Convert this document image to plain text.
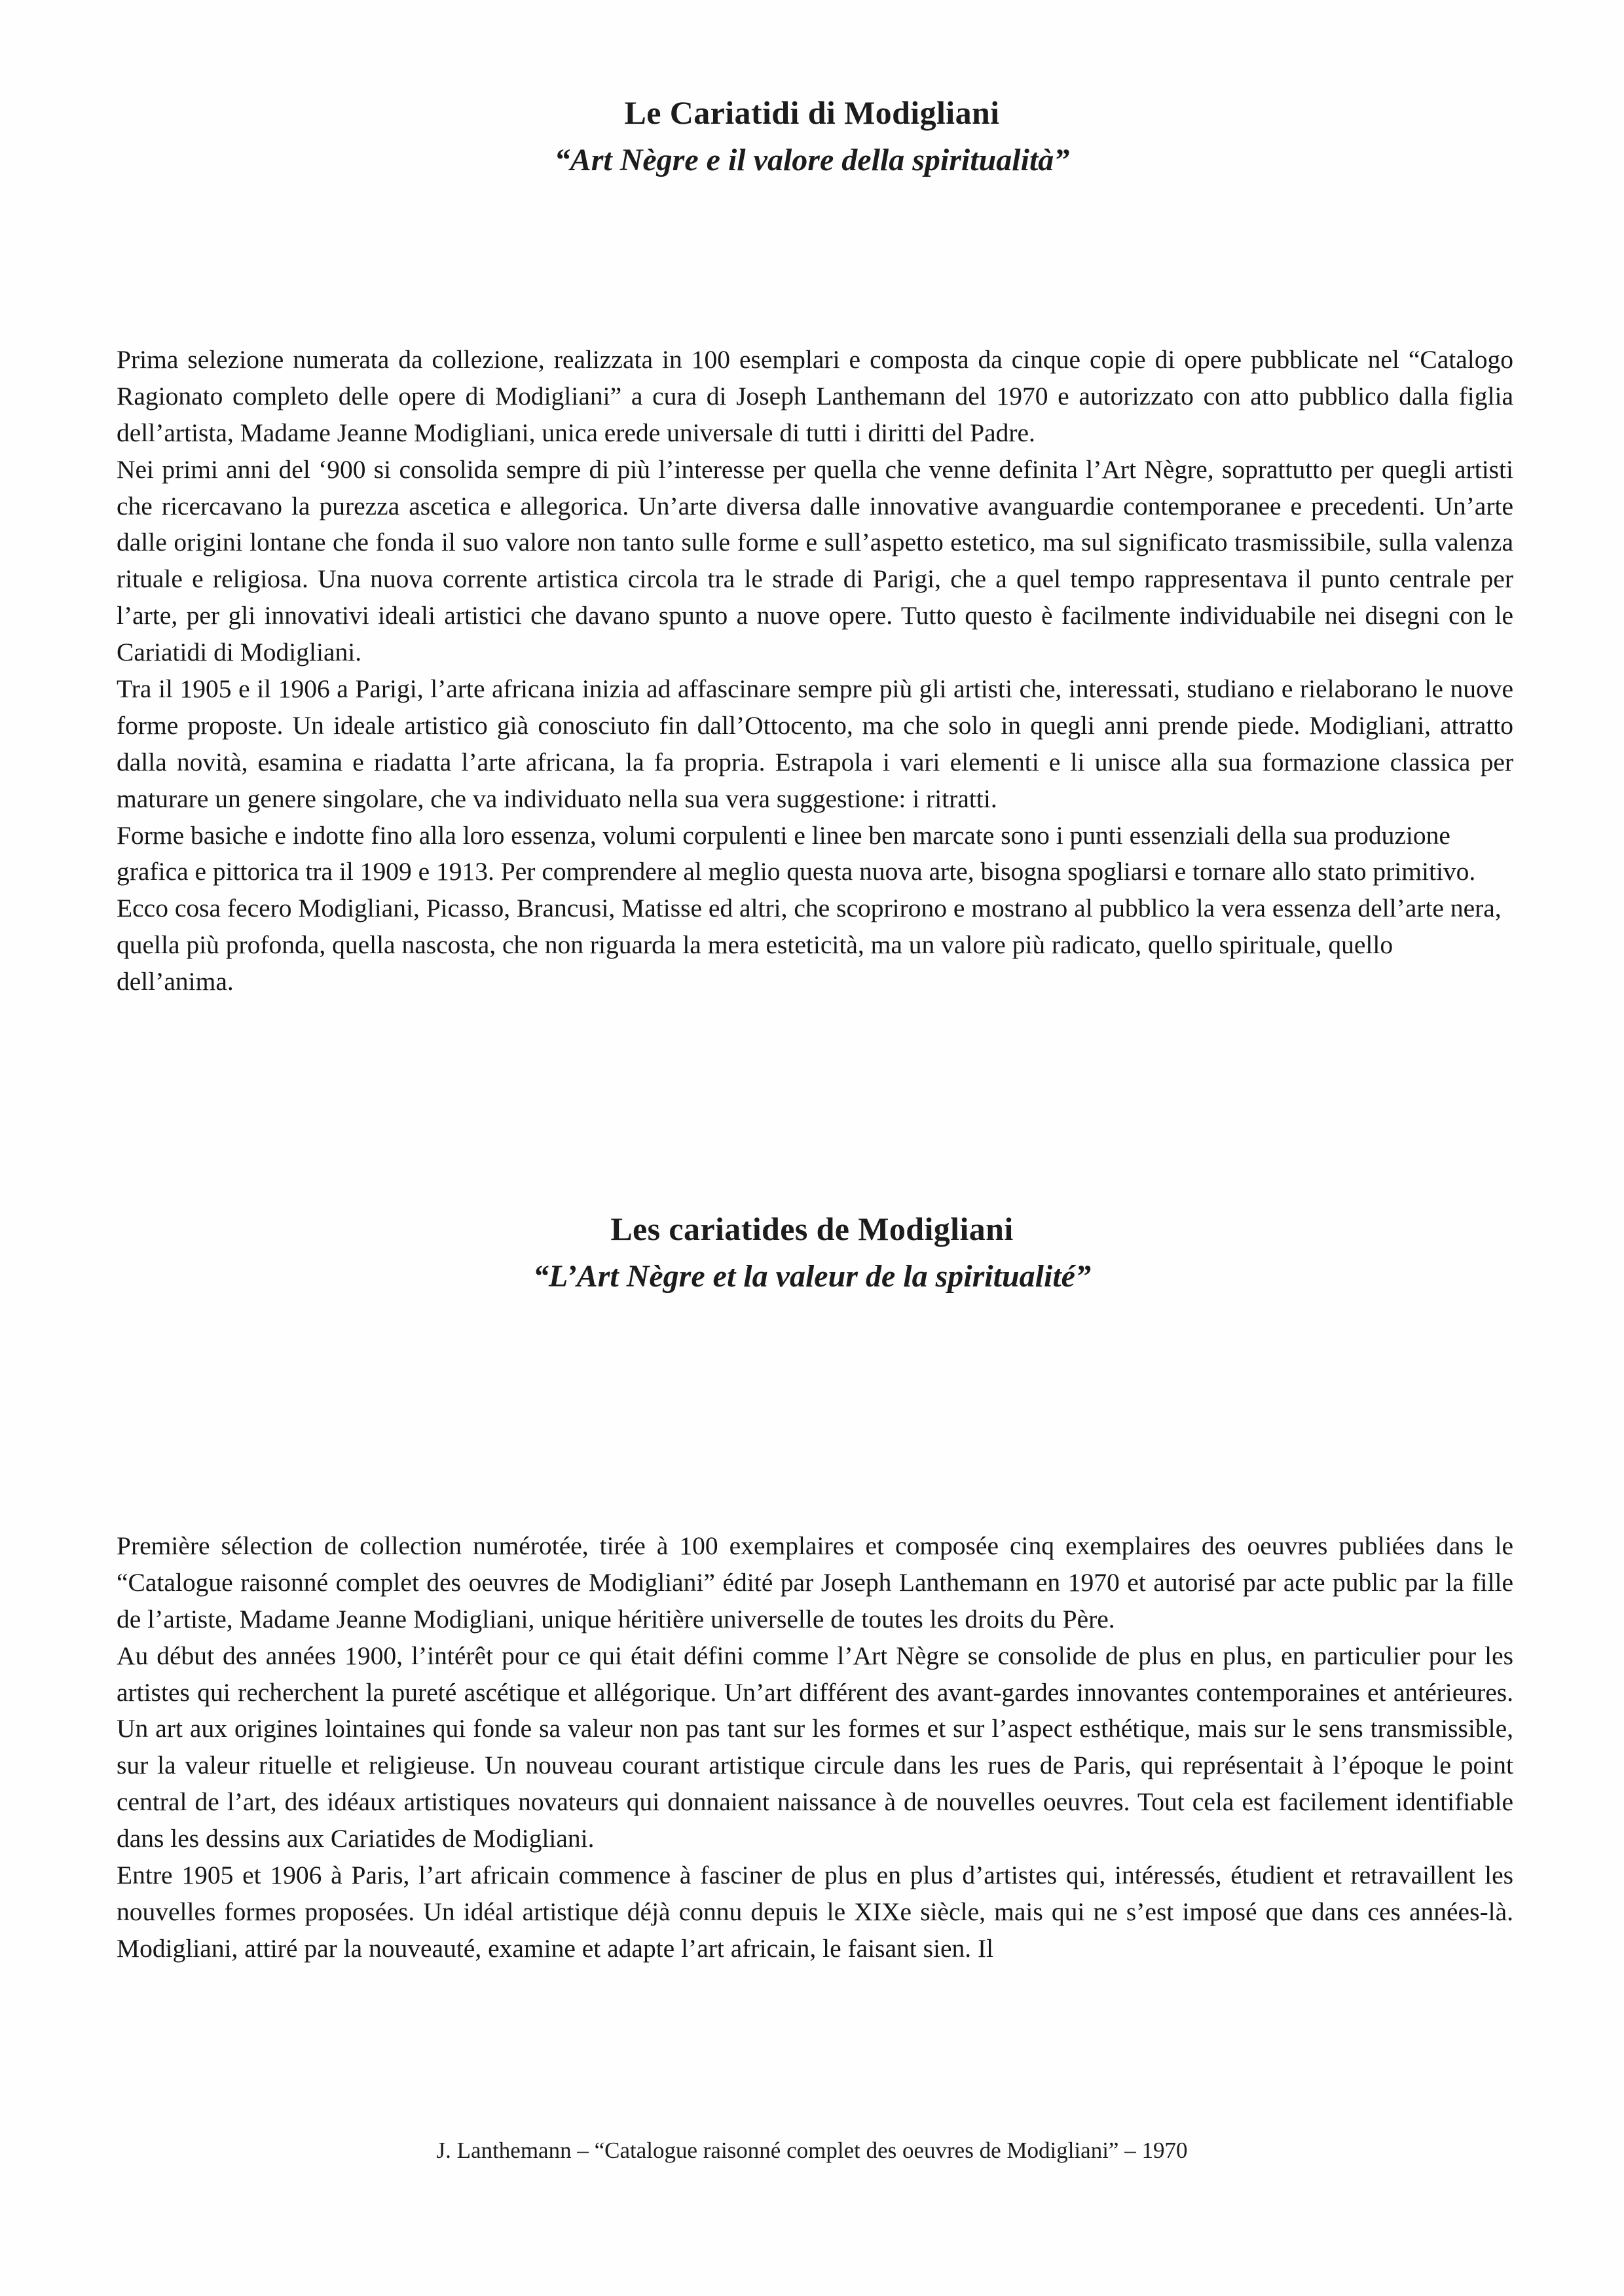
Le Cariatidi di Modigliani
“Art Nègre e il valore della spiritualità”

Prima selezione numerata da collezione, realizzata in 100 esemplari e composta da cinque copie di opere pubblicate nel “Catalogo Ragionato completo delle opere di Modigliani” a cura di Joseph Lanthemann del 1970 e autorizzato con atto pubblico dalla figlia dell’artista, Madame Jeanne Modigliani, unica erede universale di tutti i diritti del Padre.

Nei primi anni del ‘900 si consolida sempre di più l’interesse per quella che venne definita l’Art Nègre, soprattutto per quegli artisti che ricercavano la purezza ascetica e allegorica. Un’arte diversa dalle innovative avanguardie contemporanee e precedenti. Un’arte dalle origini lontane che fonda il suo valore non tanto sulle forme e sull’aspetto estetico, ma sul significato trasmissibile, sulla valenza rituale e religiosa. Una nuova corrente artistica circola tra le strade di Parigi, che a quel tempo rappresentava il punto centrale per l’arte, per gli innovativi ideali artistici che davano spunto a nuove opere. Tutto questo è facilmente individuabile nei disegni con le Cariatidi di Modigliani.

Tra il 1905 e il 1906 a Parigi, l’arte africana inizia ad affascinare sempre più gli artisti che, interessati, studiano e rielaborano le nuove forme proposte. Un ideale artistico già conosciuto fin dall’Ottocento, ma che solo in quegli anni prende piede. Modigliani, attratto dalla novità, esamina e riadatta l’arte africana, la fa propria. Estrapola i vari elementi e li unisce alla sua formazione classica per maturare un genere singolare, che va individuato nella sua vera suggestione: i ritratti.

Forme basiche e indotte fino alla loro essenza, volumi corpulenti e linee ben marcate sono i punti essenziali della sua produzione grafica e pittorica tra il 1909 e 1913. Per comprendere al meglio questa nuova arte, bisogna spogliarsi e tornare allo stato primitivo. Ecco cosa fecero Modigliani, Picasso, Brancusi, Matisse ed altri, che scoprirono e mostrano al pubblico la vera essenza dell’arte nera, quella più profonda, quella nascosta, che non riguarda la mera esteticità, ma un valore più radicato, quello spirituale, quello dell’anima.

Les cariatides de Modigliani
“L’Art Nègre et la valeur de la spiritualité”

Première sélection de collection numérotée, tirée à 100 exemplaires et composée cinq exemplaires des oeuvres publiées dans le “Catalogue raisonné complet des oeuvres de Modigliani” édité par Joseph Lanthemann en 1970 et autorisé par acte public par la fille de l’artiste, Madame Jeanne Modigliani, unique héritière universelle de toutes les droits du Père.

Au début des années 1900, l’intérêt pour ce qui était défini comme l’Art Nègre se consolide de plus en plus, en particulier pour les artistes qui recherchent la pureté ascétique et allégorique. Un’art différent des avant-gardes innovantes contemporaines et antérieures. Un art aux origines lointaines qui fonde sa valeur non pas tant sur les formes et sur l’aspect esthétique, mais sur le sens transmissible, sur la valeur rituelle et religieuse. Un nouveau courant artistique circule dans les rues de Paris, qui représentait à l’époque le point central de l’art, des idéaux artistiques novateurs qui donnaient naissance à de nouvelles oeuvres. Tout cela est facilement identifiable dans les dessins aux Cariatides de Modigliani.

Entre 1905 et 1906 à Paris, l’art africain commence à fasciner de plus en plus d’artistes qui, intéressés, étudient et retravaillent les nouvelles formes proposées. Un idéal artistique déjà connu depuis le XIXe siècle, mais qui ne s’est imposé que dans ces années-là. Modigliani, attiré par la nouveauté, examine et adapte l’art africain, le faisant sien. Il

J. Lanthemann – “Catalogue raisonné complet des oeuvres de Modigliani” – 1970
